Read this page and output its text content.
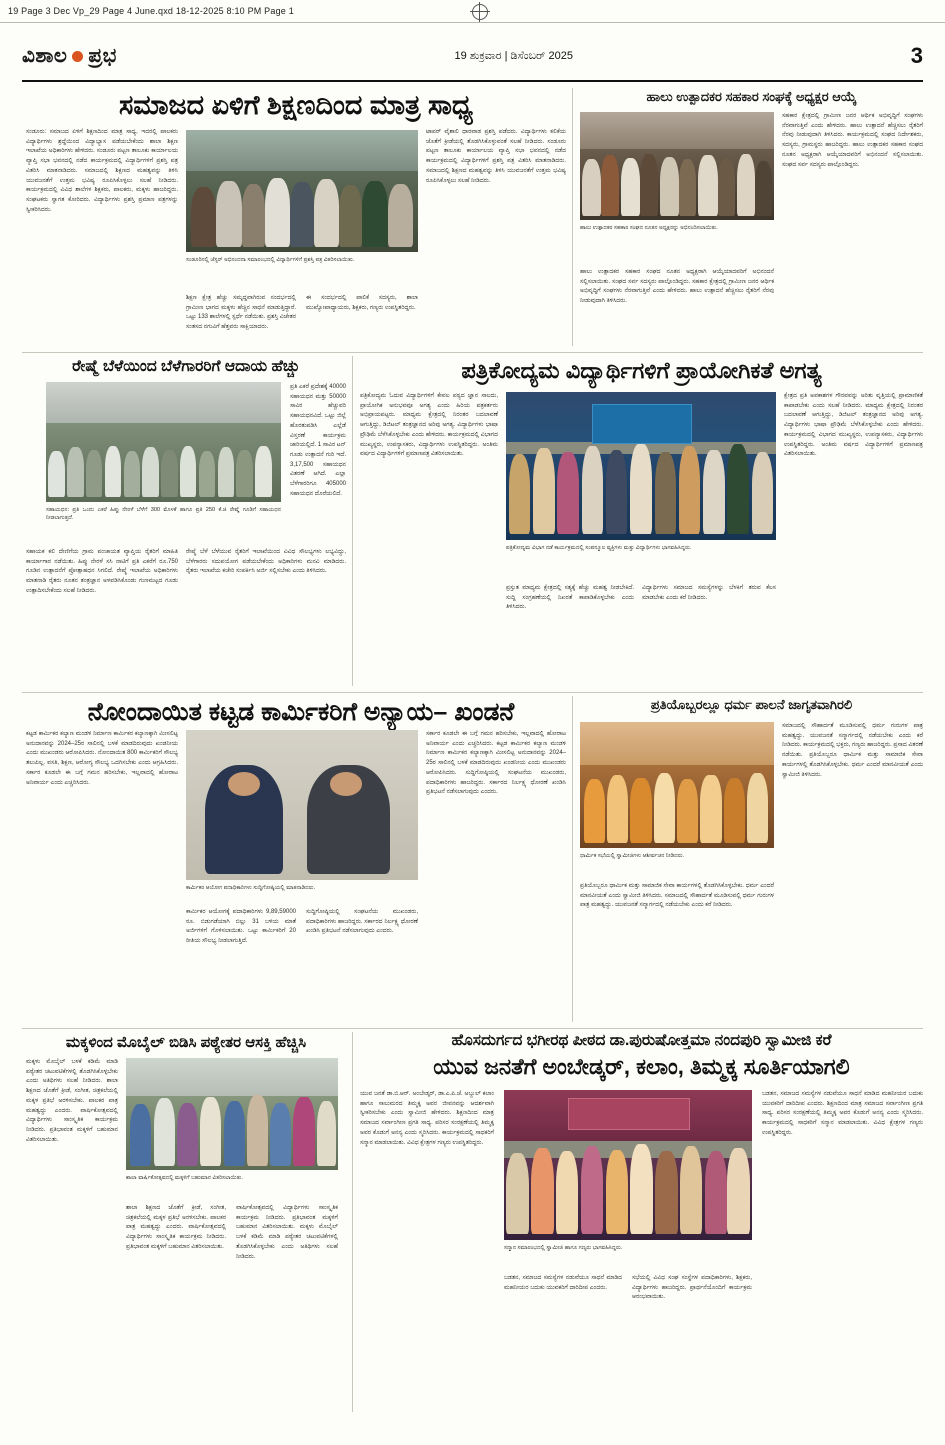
19 Page 3 Dec Vp_29 Page 4 June.qxd 18-12-2025 8:10 PM Page 1
ವಿಶಾಲ ಪ್ರಭ	19 ಶುಕ್ರವಾರ | ಡಿಸೆಂಬರ್ 2025	3
ಸಮಾಜದ ಏಳಿಗೆ ಶಿಕ್ಷಣದಿಂದ ಮಾತ್ರ ಸಾಧ್ಯ
ಸಂಡೂರು: ಸಮಾಜದ ಏಳಿಗೆ ಶಿಕ್ಷಣದಿಂದ ಮಾತ್ರ ಸಾಧ್ಯ, ಇದರಲ್ಲಿ ಪಾಲಕರು ವಿದ್ಯಾರ್ಥಿಗಳು ಶ್ರದ್ಧೆಯಿಂದ ವಿದ್ಯಾಭ್ಯಾಸ ಪಡೆಯಬೇಕೆಂದು ಶಾಲಾ ಶಿಕ್ಷಣ ಇಲಾಖೆಯ ಅಧಿಕಾರಿಗಳು ಹೇಳಿದರು. ಸಂಡೂರು ಪಟ್ಟಣ ತಾಲೂಕು ಕಾರ್ಯಾಲಯ ವ್ಯಾಪ್ತಿ ಸಭಾ ಭವನದಲ್ಲಿ ನಡೆದ ಕಾರ್ಯಕ್ರಮದಲ್ಲಿ ವಿದ್ಯಾರ್ಥಿಗಳಿಗೆ ಪ್ರಶಸ್ತಿ ಪತ್ರ ವಿತರಿಸಿ ಮಾತನಾಡಿದರು. ಸಮಾಜದಲ್ಲಿ ಶಿಕ್ಷಣದ ಮಹತ್ವವನ್ನು ತಿಳಿಸಿ ಯುವಜನತೆಗೆ ಉತ್ತಮ ಭವಿಷ್ಯ ರೂಪಿಸಿಕೊಳ್ಳಲು ಸಲಹೆ ನೀಡಿದರು. ಕಾರ್ಯಕ್ರಮದಲ್ಲಿ ವಿವಿಧ ಶಾಲೆಗಳ ಶಿಕ್ಷಕರು, ಪಾಲಕರು, ಮಕ್ಕಳು ಹಾಜರಿದ್ದರು. ಸಂಘಟಕರು ಸ್ವಾಗತ ಕೋರಿದರು. ವಿದ್ಯಾರ್ಥಿಗಳು ಪ್ರಶಸ್ತಿ ಪ್ರಮಾಣ ಪತ್ರಗಳನ್ನು ಸ್ವೀಕರಿಸಿದರು.
ಸಂಡೂರಿನಲ್ಲಿ ಜೆಸ್ಟರ್ ಅಭಿನಂದನಾ ಸಮಾರಂಭದಲ್ಲಿ ವಿದ್ಯಾರ್ಥಿಗಳಿಗೆ ಪ್ರಶಸ್ತಿ ಪತ್ರ ವಿತರಿಸಲಾಯಿತು.
ಶಿಕ್ಷಣ ಕ್ಷೇತ್ರ ಹೆಚ್ಚು ಸಮೃದ್ಧವಾಗಿರುವ ಸಂದರ್ಭದಲ್ಲಿ ಗ್ರಾಮೀಣ ಭಾಗದ ಮಕ್ಕಳು ಹೆಚ್ಚಿನ ಸಾಧನೆ ಮಾಡುತ್ತಿದ್ದಾರೆ. ಒಟ್ಟು 133 ಶಾಲೆಗಳಲ್ಲಿ ಸ್ಪರ್ಧೆ ನಡೆಯಿತು. ಪ್ರಶಸ್ತಿ ವಿಜೇತರ ಸಂತಸದ ನಗುವಿಗೆ ಹೆತ್ತವರು ಸಾಕ್ಷಿಯಾದರು.
ಈ ಸಂದರ್ಭದಲ್ಲಿ ಪಾಲಿಕೆ ಸದಸ್ಯರು, ಶಾಲಾ ಮುಖ್ಯೋಪಾಧ್ಯಾಯರು, ಶಿಕ್ಷಕರು, ಗಣ್ಯರು ಉಪಸ್ಥಿತರಿದ್ದರು.
ಟಾಪರ್ ವೈಶಾಲಿ ಧಾರವಾಡ ಪ್ರಶಸ್ತಿ ಪಡೆದರು. ವಿದ್ಯಾರ್ಥಿಗಳು ಕಲಿಕೆಯ ಜೊತೆಗೆ ಕ್ರೀಡೆಯಲ್ಲಿ ತೊಡಗಿಸಿಕೊಳ್ಳುವಂತೆ ಸಲಹೆ ನೀಡಿದರು. ಸಂಡೂರು ಪಟ್ಟಣ ತಾಲೂಕು ಕಾರ್ಯಾಲಯ ವ್ಯಾಪ್ತಿ ಸಭಾ ಭವನದಲ್ಲಿ ನಡೆದ ಕಾರ್ಯಕ್ರಮದಲ್ಲಿ ವಿದ್ಯಾರ್ಥಿಗಳಿಗೆ ಪ್ರಶಸ್ತಿ ಪತ್ರ ವಿತರಿಸಿ ಮಾತನಾಡಿದರು. ಸಮಾಜದಲ್ಲಿ ಶಿಕ್ಷಣದ ಮಹತ್ವವನ್ನು ತಿಳಿಸಿ ಯುವಜನತೆಗೆ ಉತ್ತಮ ಭವಿಷ್ಯ ರೂಪಿಸಿಕೊಳ್ಳಲು ಸಲಹೆ ನೀಡಿದರು.
ಹಾಲು ಉತ್ಪಾದಕರ ಸಹಕಾರ ಸಂಘಕ್ಕೆ ಅಧ್ಯಕ್ಷರ ಆಯ್ಕೆ
ಹಾಲು ಉತ್ಪಾದಕರ ಸಹಕಾರ ಸಂಘದ ನೂತನ ಅಧ್ಯಕ್ಷರನ್ನು ಅಭಿನಂದಿಸಲಾಯಿತು.
ಹಾಲು ಉತ್ಪಾದಕರ ಸಹಕಾರ ಸಂಘದ ನೂತನ ಅಧ್ಯಕ್ಷರಾಗಿ ಆಯ್ಕೆಯಾದವರಿಗೆ ಅಭಿನಂದನೆ ಸಲ್ಲಿಸಲಾಯಿತು. ಸಂಘದ ಸರ್ವ ಸದಸ್ಯರು ಪಾಲ್ಗೊಂಡಿದ್ದರು. ಸಹಕಾರ ಕ್ಷೇತ್ರದಲ್ಲಿ ಗ್ರಾಮೀಣ ಜನರ ಆರ್ಥಿಕ ಅಭಿವೃದ್ಧಿಗೆ ಸಂಘಗಳು ನೆರವಾಗುತ್ತಿವೆ ಎಂದು ಹೇಳಿದರು. ಹಾಲು ಉತ್ಪಾದನೆ ಹೆಚ್ಚಿಸಲು ರೈತರಿಗೆ ನೆರವು ನೀಡುವುದಾಗಿ ತಿಳಿಸಿದರು.
ಸಹಕಾರ ಕ್ಷೇತ್ರದಲ್ಲಿ ಗ್ರಾಮೀಣ ಜನರ ಆರ್ಥಿಕ ಅಭಿವೃದ್ಧಿಗೆ ಸಂಘಗಳು ನೆರವಾಗುತ್ತಿವೆ ಎಂದು ಹೇಳಿದರು. ಹಾಲು ಉತ್ಪಾದನೆ ಹೆಚ್ಚಿಸಲು ರೈತರಿಗೆ ನೆರವು ನೀಡುವುದಾಗಿ ತಿಳಿಸಿದರು. ಕಾರ್ಯಕ್ರಮದಲ್ಲಿ ಸಂಘದ ನಿರ್ದೇಶಕರು, ಸದಸ್ಯರು, ಗ್ರಾಮಸ್ಥರು ಹಾಜರಿದ್ದರು. ಹಾಲು ಉತ್ಪಾದಕರ ಸಹಕಾರ ಸಂಘದ ನೂತನ ಅಧ್ಯಕ್ಷರಾಗಿ ಆಯ್ಕೆಯಾದವರಿಗೆ ಅಭಿನಂದನೆ ಸಲ್ಲಿಸಲಾಯಿತು. ಸಂಘದ ಸರ್ವ ಸದಸ್ಯರು ಪಾಲ್ಗೊಂಡಿದ್ದರು.
ರೇಷ್ಮೆ ಬೆಳೆಯಿಂದ ಬೆಳೆಗಾರರಿಗೆ ಆದಾಯ ಹೆಚ್ಚು
ಸಹಾಯಧನ: ಪ್ರತಿ ಒಂದು ಎಕರೆ ಹಿಪ್ಪು ನೇರಳೆ ಬೆಳೆಗೆ 300 ಮೊಳಕೆ ಹಾಗೂ ಪ್ರತಿ 250 ಕೆ.ಜಿ ರೇಷ್ಮೆ ಗೂಡಿಗೆ ಸಹಾಯಧನ ನೀಡಲಾಗುತ್ತದೆ.
ಸಹಾಯಕ ಕಲಿ ದೇಣಿಗೆಯ ಗ್ರಾಮ ಪಂಚಾಯತ ವ್ಯಾಪ್ತಿಯ ರೈತರಿಗೆ ಮಾಹಿತಿ ಕಾರ್ಯಾಗಾರ ನಡೆಯಿತು. ಹಿಪ್ಪು ನೇರಳೆ ಸಸಿ ನಾಟಿಗೆ ಪ್ರತಿ ಎಕರೆಗೆ ರೂ.750 ಗೂಡಿನ ಉತ್ಪಾದನೆಗೆ ಪ್ರೋತ್ಸಾಹಧನ ಸಿಗಲಿದೆ. ರೇಷ್ಮೆ ಇಲಾಖೆಯ ಅಧಿಕಾರಿಗಳು ಮಾತನಾಡಿ ರೈತರು ನೂತನ ತಂತ್ರಜ್ಞಾನ ಅಳವಡಿಸಿಕೊಂಡು ಗುಣಮಟ್ಟದ ಗೂಡು ಉತ್ಪಾದಿಸಬೇಕೆಂದು ಸಲಹೆ ನೀಡಿದರು.
ರೇಷ್ಮೆ ಬೆಳೆ ಬೆಳೆಯುವ ರೈತರಿಗೆ ಇಲಾಖೆಯಿಂದ ವಿವಿಧ ಸೌಲಭ್ಯಗಳು ಲಭ್ಯವಿದ್ದು, ಬೆಳೆಗಾರರು ಸದುಪಯೋಗ ಪಡೆಯಬೇಕೆಂದು ಅಧಿಕಾರಿಗಳು ಮನವಿ ಮಾಡಿದರು. ರೈತರು ಇಲಾಖೆಯ ಕಚೇರಿ ಸಂಪರ್ಕಿಸಿ ಅರ್ಜಿ ಸಲ್ಲಿಸಬೇಕು ಎಂದು ತಿಳಿಸಿದರು.
ಪ್ರತಿ ಎಕರೆ ಪ್ರದೇಶಕ್ಕೆ 40000 ಸಹಾಯಧನ ಮತ್ತು 50000 ಸಾವಿರ ಹೆಚ್ಚುವರಿ ಸಹಾಯಧನವಿದೆ. ಒಟ್ಟು ಜಿಲ್ಲೆ ಹೊರತುಪಡಿಸಿ ಎಲ್ಲೆಡೆ ವಿಸ್ತರಣೆ ಕಾರ್ಯಕ್ರಮ ಜಾರಿಯಲ್ಲಿದೆ. 1 ಸಾವಿರ ಟನ್ ಗೂಡು ಉತ್ಪಾದನೆ ಗುರಿ ಇದೆ. 3,17,500 ಸಹಾಯಧನ ವಿತರಣೆ ಆಗಿದೆ. ಎಲ್ಲಾ ಬೆಳೆಗಾರರಿಗೂ 405000 ಸಹಾಯಧನ ದೊರೆಯಲಿದೆ.
ಪತ್ರಿಕೋದ್ಯಮ ವಿದ್ಯಾರ್ಥಿಗಳಿಗೆ ಪ್ರಾಯೋಗಿಕತೆ ಅಗತ್ಯ
ಪತ್ರಿಕೋದ್ಯಮ ವಿಭಾಗ ನಡೆ ಕಾರ್ಯಕ್ರಮದಲ್ಲಿ ಸಂಪನ್ಮೂಲ ವ್ಯಕ್ತಿಗಳು ಮತ್ತು ವಿದ್ಯಾರ್ಥಿಗಳು ಭಾಗವಹಿಸಿದ್ದರು.
ಪತ್ರಿಕೋದ್ಯಮ ಓದುವ ವಿದ್ಯಾರ್ಥಿಗಳಿಗೆ ಕೇವಲ ಪಠ್ಯದ ಜ್ಞಾನ ಸಾಲದು, ಪ್ರಾಯೋಗಿಕ ಅನುಭವವೂ ಅಗತ್ಯ ಎಂದು ಹಿರಿಯ ಪತ್ರಕರ್ತರು ಅಭಿಪ್ರಾಯಪಟ್ಟರು. ಮಾಧ್ಯಮ ಕ್ಷೇತ್ರದಲ್ಲಿ ನಿರಂತರ ಬದಲಾವಣೆ ಆಗುತ್ತಿದ್ದು, ಡಿಜಿಟಲ್ ತಂತ್ರಜ್ಞಾನದ ಅರಿವು ಅಗತ್ಯ. ವಿದ್ಯಾರ್ಥಿಗಳು ಭಾಷಾ ಪ್ರೌಢಿಮೆ ಬೆಳೆಸಿಕೊಳ್ಳಬೇಕು ಎಂದು ಹೇಳಿದರು. ಕಾರ್ಯಕ್ರಮದಲ್ಲಿ ವಿಭಾಗದ ಮುಖ್ಯಸ್ಥರು, ಉಪನ್ಯಾಸಕರು, ವಿದ್ಯಾರ್ಥಿಗಳು ಉಪಸ್ಥಿತರಿದ್ದರು. ಅಂತಿಮ ವರ್ಷದ ವಿದ್ಯಾರ್ಥಿಗಳಿಗೆ ಪ್ರಮಾಣಪತ್ರ ವಿತರಿಸಲಾಯಿತು.
ಪ್ರಸ್ತುತ ಮಾಧ್ಯಮ ಕ್ಷೇತ್ರದಲ್ಲಿ ಸತ್ಯಕ್ಕೆ ಹೆಚ್ಚು ಮಹತ್ವ ನೀಡಬೇಕಿದೆ. ಸುದ್ದಿ ಸಂಗ್ರಹಣೆಯಲ್ಲಿ ನಿಖರತೆ ಕಾಪಾಡಿಕೊಳ್ಳಬೇಕು ಎಂದು ತಿಳಿಸಿದರು.
ವಿದ್ಯಾರ್ಥಿಗಳು ಸಮಾಜದ ಸಮಸ್ಯೆಗಳನ್ನು ಬೆಳಕಿಗೆ ತರುವ ಕೆಲಸ ಮಾಡಬೇಕು ಎಂದು ಕರೆ ನೀಡಿದರು.
ಕ್ಷೇತ್ರದ ಪ್ರತಿ ಅವಕಾಶಗಳ ಗೌರವವನ್ನು ಅರಿತು ವೃತ್ತಿಯಲ್ಲಿ ಪ್ರಾಮಾಣಿಕತೆ ಕಾಪಾಡಬೇಕು ಎಂದು ಸಲಹೆ ನೀಡಿದರು. ಮಾಧ್ಯಮ ಕ್ಷೇತ್ರದಲ್ಲಿ ನಿರಂತರ ಬದಲಾವಣೆ ಆಗುತ್ತಿದ್ದು, ಡಿಜಿಟಲ್ ತಂತ್ರಜ್ಞಾನದ ಅರಿವು ಅಗತ್ಯ. ವಿದ್ಯಾರ್ಥಿಗಳು ಭಾಷಾ ಪ್ರೌಢಿಮೆ ಬೆಳೆಸಿಕೊಳ್ಳಬೇಕು ಎಂದು ಹೇಳಿದರು. ಕಾರ್ಯಕ್ರಮದಲ್ಲಿ ವಿಭಾಗದ ಮುಖ್ಯಸ್ಥರು, ಉಪನ್ಯಾಸಕರು, ವಿದ್ಯಾರ್ಥಿಗಳು ಉಪಸ್ಥಿತರಿದ್ದರು. ಅಂತಿಮ ವರ್ಷದ ವಿದ್ಯಾರ್ಥಿಗಳಿಗೆ ಪ್ರಮಾಣಪತ್ರ ವಿತರಿಸಲಾಯಿತು.
ನೋಂದಾಯಿತ ಕಟ್ಟಡ ಕಾರ್ಮಿಕರಿಗೆ ಅನ್ಯಾಯ– ಖಂಡನೆ
ಕಾರ್ಮಿಕರ ಆಯೋಗ ಪದಾಧಿಕಾರಿಗಳು ಸುದ್ದಿಗೋಷ್ಠಿಯಲ್ಲಿ ಮಾತನಾಡಿದರು.
ಕಟ್ಟಡ ಕಾರ್ಮಿಕರ ಕಲ್ಯಾಣ ಮಂಡಳಿ ನಿರ್ಮಾಣ ಕಾರ್ಮಿಕರ ಕಲ್ಯಾಣಕ್ಕಾಗಿ ಮೀಸಲಿಟ್ಟ ಅನುದಾನವನ್ನು 2024–25ರ ಸಾಲಿನಲ್ಲಿ ಬಳಕೆ ಮಾಡದಿರುವುದು ಖಂಡನೀಯ ಎಂದು ಮುಖಂಡರು ಆರೋಪಿಸಿದರು. ನೋಂದಾಯಿತ 800 ಕಾರ್ಮಿಕರಿಗೆ ಸೌಲಭ್ಯ ತಲುಪಿಲ್ಲ. ವಸತಿ, ಶಿಕ್ಷಣ, ಆರೋಗ್ಯ ಸೌಲಭ್ಯ ಒದಗಿಸಬೇಕು ಎಂದು ಆಗ್ರಹಿಸಿದರು. ಸರ್ಕಾರ ಕೂಡಲೇ ಈ ಬಗ್ಗೆ ಗಮನ ಹರಿಸಬೇಕು, ಇಲ್ಲವಾದಲ್ಲಿ ಹೋರಾಟ ಅನಿವಾರ್ಯ ಎಂದು ಎಚ್ಚರಿಸಿದರು.
ಕಾರ್ಮಿಕರ ಆಯೋಗಕ್ಕೆ ಪದಾಧಿಕಾರಿಗಳು 9,89,59000 ರೂ. ಬಿಡುಗಡೆಯಾಗಿ ಬಿಲ್ಲು 31 ಬಳಿಯ ಮಾತೆ ಅರ್ಜಿಗಳಿಗೆ ಗೊಳಿಸಲಾಯಿತು. ಒಟ್ಟು ಕಾರ್ಮಿಕರಿಗೆ 20 ರೀತಿಯ ಸೌಲಭ್ಯ ನೀಡಲಾಗುತ್ತಿದೆ.
ಸುದ್ದಿಗೋಷ್ಠಿಯಲ್ಲಿ ಸಂಘಟನೆಯ ಮುಖಂಡರು, ಪದಾಧಿಕಾರಿಗಳು ಹಾಜರಿದ್ದರು. ಸರ್ಕಾರದ ನಿರ್ಲಕ್ಷ್ಯ ಧೋರಣೆ ಖಂಡಿಸಿ ಪ್ರತಿಭಟನೆ ನಡೆಸಲಾಗುವುದು ಎಂದರು.
ಸರ್ಕಾರ ಕೂಡಲೇ ಈ ಬಗ್ಗೆ ಗಮನ ಹರಿಸಬೇಕು, ಇಲ್ಲವಾದಲ್ಲಿ ಹೋರಾಟ ಅನಿವಾರ್ಯ ಎಂದು ಎಚ್ಚರಿಸಿದರು. ಕಟ್ಟಡ ಕಾರ್ಮಿಕರ ಕಲ್ಯಾಣ ಮಂಡಳಿ ನಿರ್ಮಾಣ ಕಾರ್ಮಿಕರ ಕಲ್ಯಾಣಕ್ಕಾಗಿ ಮೀಸಲಿಟ್ಟ ಅನುದಾನವನ್ನು 2024–25ರ ಸಾಲಿನಲ್ಲಿ ಬಳಕೆ ಮಾಡದಿರುವುದು ಖಂಡನೀಯ ಎಂದು ಮುಖಂಡರು ಆರೋಪಿಸಿದರು. ಸುದ್ದಿಗೋಷ್ಠಿಯಲ್ಲಿ ಸಂಘಟನೆಯ ಮುಖಂಡರು, ಪದಾಧಿಕಾರಿಗಳು ಹಾಜರಿದ್ದರು. ಸರ್ಕಾರದ ನಿರ್ಲಕ್ಷ್ಯ ಧೋರಣೆ ಖಂಡಿಸಿ ಪ್ರತಿಭಟನೆ ನಡೆಸಲಾಗುವುದು ಎಂದರು.
ಪ್ರತಿಯೊಬ್ಬರಲ್ಲೂ ಧರ್ಮ ಪಾಲನೆ ಜಾಗೃತವಾಗಿರಲಿ
ಧಾರ್ಮಿಕ ಸಭೆಯಲ್ಲಿ ಸ್ವಾಮೀಜಿಗಳು ಆಶೀರ್ವಚನ ನೀಡಿದರು.
ಪ್ರತಿಯೊಬ್ಬರೂ ಧಾರ್ಮಿಕ ಮತ್ತು ಸಾಮಾಜಿಕ ಸೇವಾ ಕಾರ್ಯಗಳಲ್ಲಿ ತೊಡಗಿಸಿಕೊಳ್ಳಬೇಕು. ಧರ್ಮ ಎಂದರೆ ಮಾನವೀಯತೆ ಎಂದು ಸ್ವಾಮೀಜಿ ತಿಳಿಸಿದರು. ಸಮಾಜದಲ್ಲಿ ಸೌಹಾರ್ದತೆ ಮೂಡಿಸುವಲ್ಲಿ ಧರ್ಮ ಗುರುಗಳ ಪಾತ್ರ ಮಹತ್ವದ್ದು. ಯುವಜನತೆ ಸನ್ಮಾರ್ಗದಲ್ಲಿ ನಡೆಯಬೇಕು ಎಂದು ಕರೆ ನೀಡಿದರು.
ಸಮಾಜದಲ್ಲಿ ಸೌಹಾರ್ದತೆ ಮೂಡಿಸುವಲ್ಲಿ ಧರ್ಮ ಗುರುಗಳ ಪಾತ್ರ ಮಹತ್ವದ್ದು. ಯುವಜನತೆ ಸನ್ಮಾರ್ಗದಲ್ಲಿ ನಡೆಯಬೇಕು ಎಂದು ಕರೆ ನೀಡಿದರು. ಕಾರ್ಯಕ್ರಮದಲ್ಲಿ ಭಕ್ತರು, ಗಣ್ಯರು ಹಾಜರಿದ್ದರು. ಪ್ರಸಾದ ವಿತರಣೆ ನಡೆಯಿತು. ಪ್ರತಿಯೊಬ್ಬರೂ ಧಾರ್ಮಿಕ ಮತ್ತು ಸಾಮಾಜಿಕ ಸೇವಾ ಕಾರ್ಯಗಳಲ್ಲಿ ತೊಡಗಿಸಿಕೊಳ್ಳಬೇಕು. ಧರ್ಮ ಎಂದರೆ ಮಾನವೀಯತೆ ಎಂದು ಸ್ವಾಮೀಜಿ ತಿಳಿಸಿದರು.
ಮಕ್ಕಳಿಂದ ಮೊಬೈಲ್ ಬಿಡಿಸಿ ಪಠ್ಯೇತರ ಆಸಕ್ತಿ ಹೆಚ್ಚಿಸಿ
ಶಾಲಾ ವಾರ್ಷಿಕೋತ್ಸವದಲ್ಲಿ ಮಕ್ಕಳಿಗೆ ಬಹುಮಾನ ವಿತರಿಸಲಾಯಿತು.
ಮಕ್ಕಳು ಮೊಬೈಲ್ ಬಳಕೆ ಕಡಿಮೆ ಮಾಡಿ ಪಠ್ಯೇತರ ಚಟುವಟಿಕೆಗಳಲ್ಲಿ ತೊಡಗಿಸಿಕೊಳ್ಳಬೇಕು ಎಂದು ಅತಿಥಿಗಳು ಸಲಹೆ ನೀಡಿದರು. ಶಾಲಾ ಶಿಕ್ಷಣದ ಜೊತೆಗೆ ಕ್ರೀಡೆ, ಸಂಗೀತ, ಚಿತ್ರಕಲೆಯಲ್ಲಿ ಮಕ್ಕಳ ಪ್ರತಿಭೆ ಅರಳಿಸಬೇಕು. ಪಾಲಕರ ಪಾತ್ರ ಮಹತ್ವದ್ದು ಎಂದರು. ವಾರ್ಷಿಕೋತ್ಸವದಲ್ಲಿ ವಿದ್ಯಾರ್ಥಿಗಳು ಸಾಂಸ್ಕೃತಿಕ ಕಾರ್ಯಕ್ರಮ ನೀಡಿದರು. ಪ್ರತಿಭಾವಂತ ಮಕ್ಕಳಿಗೆ ಬಹುಮಾನ ವಿತರಿಸಲಾಯಿತು.
ಶಾಲಾ ಶಿಕ್ಷಣದ ಜೊತೆಗೆ ಕ್ರೀಡೆ, ಸಂಗೀತ, ಚಿತ್ರಕಲೆಯಲ್ಲಿ ಮಕ್ಕಳ ಪ್ರತಿಭೆ ಅರಳಿಸಬೇಕು. ಪಾಲಕರ ಪಾತ್ರ ಮಹತ್ವದ್ದು ಎಂದರು. ವಾರ್ಷಿಕೋತ್ಸವದಲ್ಲಿ ವಿದ್ಯಾರ್ಥಿಗಳು ಸಾಂಸ್ಕೃತಿಕ ಕಾರ್ಯಕ್ರಮ ನೀಡಿದರು. ಪ್ರತಿಭಾವಂತ ಮಕ್ಕಳಿಗೆ ಬಹುಮಾನ ವಿತರಿಸಲಾಯಿತು.
ವಾರ್ಷಿಕೋತ್ಸವದಲ್ಲಿ ವಿದ್ಯಾರ್ಥಿಗಳು ಸಾಂಸ್ಕೃತಿಕ ಕಾರ್ಯಕ್ರಮ ನೀಡಿದರು. ಪ್ರತಿಭಾವಂತ ಮಕ್ಕಳಿಗೆ ಬಹುಮಾನ ವಿತರಿಸಲಾಯಿತು. ಮಕ್ಕಳು ಮೊಬೈಲ್ ಬಳಕೆ ಕಡಿಮೆ ಮಾಡಿ ಪಠ್ಯೇತರ ಚಟುವಟಿಕೆಗಳಲ್ಲಿ ತೊಡಗಿಸಿಕೊಳ್ಳಬೇಕು ಎಂದು ಅತಿಥಿಗಳು ಸಲಹೆ ನೀಡಿದರು.
ಹೊಸದುರ್ಗದ ಭಗೀರಥ ಪೀಠದ ಡಾ.ಪುರುಷೋತ್ತಮಾ ನಂದಪುರಿ ಸ್ವಾಮೀಜಿ ಕರೆ
ಯುವ ಜನತೆಗೆ ಅಂಬೇಡ್ಕರ್, ಕಲಾಂ, ತಿಮ್ಮಕ್ಕ ಸೂರ್ತಿಯಾಗಲಿ
ಸನ್ಮಾನ ಸಮಾರಂಭದಲ್ಲಿ ಸ್ವಾಮೀಜಿ ಹಾಗೂ ಗಣ್ಯರು ಭಾಗವಹಿಸಿದ್ದರು.
ಯುವ ಜನತೆ ಡಾ.ಬಿ.ಆರ್. ಅಂಬೇಡ್ಕರ್, ಡಾ.ಎ.ಪಿ.ಜೆ. ಅಬ್ದುಲ್ ಕಲಾಂ ಹಾಗೂ ಸಾಲುಮರದ ತಿಮ್ಮಕ್ಕ ಅವರ ಜೀವನವನ್ನು ಆದರ್ಶವಾಗಿ ಸ್ವೀಕರಿಸಬೇಕು ಎಂದು ಸ್ವಾಮೀಜಿ ಹೇಳಿದರು. ಶಿಕ್ಷಣದಿಂದ ಮಾತ್ರ ಸಮಾಜದ ಸರ್ವಾಂಗೀಣ ಪ್ರಗತಿ ಸಾಧ್ಯ. ಪರಿಸರ ಸಂರಕ್ಷಣೆಯಲ್ಲಿ ತಿಮ್ಮಕ್ಕ ಅವರ ಕೊಡುಗೆ ಅನನ್ಯ ಎಂದು ಸ್ಮರಿಸಿದರು. ಕಾರ್ಯಕ್ರಮದಲ್ಲಿ ಸಾಧಕರಿಗೆ ಸನ್ಮಾನ ಮಾಡಲಾಯಿತು. ವಿವಿಧ ಕ್ಷೇತ್ರಗಳ ಗಣ್ಯರು ಉಪಸ್ಥಿತರಿದ್ದರು.
ಬಡತನ, ಸಮಾಜದ ಸಮಸ್ಯೆಗಳ ನಡುವೆಯೂ ಸಾಧನೆ ಮಾಡಿದ ಮಹನೀಯರ ಬದುಕು ಯುವಕರಿಗೆ ದಾರಿದೀಪ ಎಂದರು.
ಸಭೆಯಲ್ಲಿ ವಿವಿಧ ಸಂಘ ಸಂಸ್ಥೆಗಳ ಪದಾಧಿಕಾರಿಗಳು, ಶಿಕ್ಷಕರು, ವಿದ್ಯಾರ್ಥಿಗಳು ಹಾಜರಿದ್ದರು. ಪ್ರಾರ್ಥನೆಯೊಂದಿಗೆ ಕಾರ್ಯಕ್ರಮ ಆರಂಭವಾಯಿತು.
ಬಡತನ, ಸಮಾಜದ ಸಮಸ್ಯೆಗಳ ನಡುವೆಯೂ ಸಾಧನೆ ಮಾಡಿದ ಮಹನೀಯರ ಬದುಕು ಯುವಕರಿಗೆ ದಾರಿದೀಪ ಎಂದರು. ಶಿಕ್ಷಣದಿಂದ ಮಾತ್ರ ಸಮಾಜದ ಸರ್ವಾಂಗೀಣ ಪ್ರಗತಿ ಸಾಧ್ಯ. ಪರಿಸರ ಸಂರಕ್ಷಣೆಯಲ್ಲಿ ತಿಮ್ಮಕ್ಕ ಅವರ ಕೊಡುಗೆ ಅನನ್ಯ ಎಂದು ಸ್ಮರಿಸಿದರು. ಕಾರ್ಯಕ್ರಮದಲ್ಲಿ ಸಾಧಕರಿಗೆ ಸನ್ಮಾನ ಮಾಡಲಾಯಿತು. ವಿವಿಧ ಕ್ಷೇತ್ರಗಳ ಗಣ್ಯರು ಉಪಸ್ಥಿತರಿದ್ದರು.
